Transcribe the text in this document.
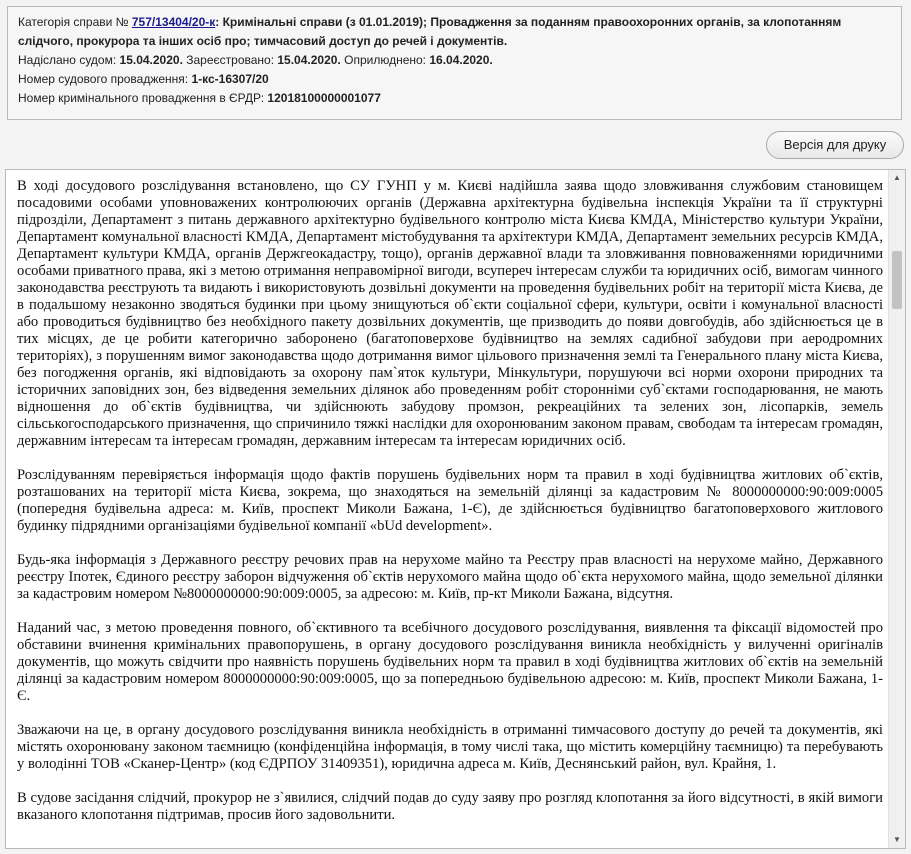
Категорія справи № 757/13404/20-к: Кримінальні справи (з 01.01.2019); Провадження за поданням правоохоронних органів, за клопотанням слідчого, прокурора та інших осіб про; тимчасовий доступ до речей і документів.
Надіслано судом: 15.04.2020. Зареєстровано: 15.04.2020. Оприлюднено: 16.04.2020.
Номер судового провадження: 1-кс-16307/20
Номер кримінального провадження в ЄРДР: 12018100000001077
Версія для друку

В ході досудового розслідування встановлено, що СУ ГУНП у м. Києві надійшла заява щодо зловживання службовим становищем посадовими особами уповноважених контролюючих органів (Державна архітектурна будівельна інспекція України та її структурні підрозділи, Департамент з питань державного архітектурно будівельного контролю міста Києва КМДА, Міністерство культури України, Департамент комунальної власності КМДА, Департамент містобудування та архітектури КМДА, Департамент земельних ресурсів КМДА, Департамент культури КМДА, органів Держгеокадастру, тощо), органів державної влади та зловживання повноваженнями юридичними особами приватного права, які з метою отримання неправомірної вигоди, всупереч інтересам служби та юридичних осіб, вимогам чинного законодавства реєструють та видають і використовують дозвільні документи на проведення будівельних робіт на території міста Києва, де в подальшому незаконно зводяться будинки при цьому знищуються об`єкти соціальної сфери, культури, освіти і комунальної власності або проводиться будівництво без необхідного пакету дозвільних документів, ще призводить до появи довгобудів, або здійснюється це в тих місцях, де це робити категорично заборонено (багатоповерхове будівництво на землях садибної забудови при аеродромних територіях), з порушенням вимог законодавства щодо дотримання вимог цільового призначення землі та Генерального плану міста Києва, без погодження органів, які відповідають за охорону пам`яток культури, Мінкультури, порушуючи всі норми охорони природних та історичних заповідних зон, без відведення земельних ділянок або проведенням робіт сторонніми суб`єктами господарювання, не мають відношення до об`єктів будівництва, чи здійснюють забудову промзон, рекреаційних та зелених зон, лісопарків, земель сільськогосподарського призначення, що спричинило тяжкі наслідки для охоронюваним законом правам, свободам та інтересам громадян, державним інтересам та інтересам громадян, державним інтересам та інтересам юридичних осіб.

Розслідуванням перевіряється інформація щодо фактів порушень будівельних норм та правил в ході будівництва житлових об`єктів, розташованих на території міста Києва, зокрема, що знаходяться на земельній ділянці за кадастровим № 8000000000:90:009:0005 (попередня будівельна адреса: м. Київ, проспект Миколи Бажана, 1-Є), де здійснюється будівництво багатоповерхового житлового будинку підрядними організаціями будівельної компанії «bUd development».

Будь-яка інформація з Державного реєстру речових прав на нерухоме майно та Реєстру прав власності на нерухоме майно, Державного реєстру Іпотек, Єдиного реєстру заборон відчуження об`єктів нерухомого майна щодо об`єкта нерухомого майна, щодо земельної ділянки за кадастровим номером №8000000000:90:009:0005, за адресою: м. Київ, пр-кт Миколи Бажана, відсутня.

Наданий час, з метою проведення повного, об`єктивного та всебічного досудового розслідування, виявлення та фіксації відомостей про обставини вчинення кримінальних правопорушень, в органу досудового розслідування виникла необхідність у вилученні оригіналів документів, що можуть свідчити про наявність порушень будівельних норм та правил в ході будівництва житлових об`єктів на земельній ділянці за кадастровим номером 8000000000:90:009:0005, що за попередньою будівельною адресою: м. Київ, проспект Миколи Бажана, 1-Є.

Зважаючи на це, в органу досудового розслідування виникла необхідність в отриманні тимчасового доступу до речей та документів, які містять охоронювану законом таємницю (конфіденційна інформація, в тому числі така, що містить комерційну таємницю) та перебувають у володінні ТОВ «Сканер-Центр» (код ЄДРПОУ 31409351), юридична адреса м. Київ, Деснянський район, вул. Крайня, 1.

В судове засідання слідчий, прокурор не з`явилися, слідчий подав до суду заяву про розгляд клопотання за його відсутності, в якій вимоги вказаного клопотання підтримав, просив його задовольнити.

▲
▼
